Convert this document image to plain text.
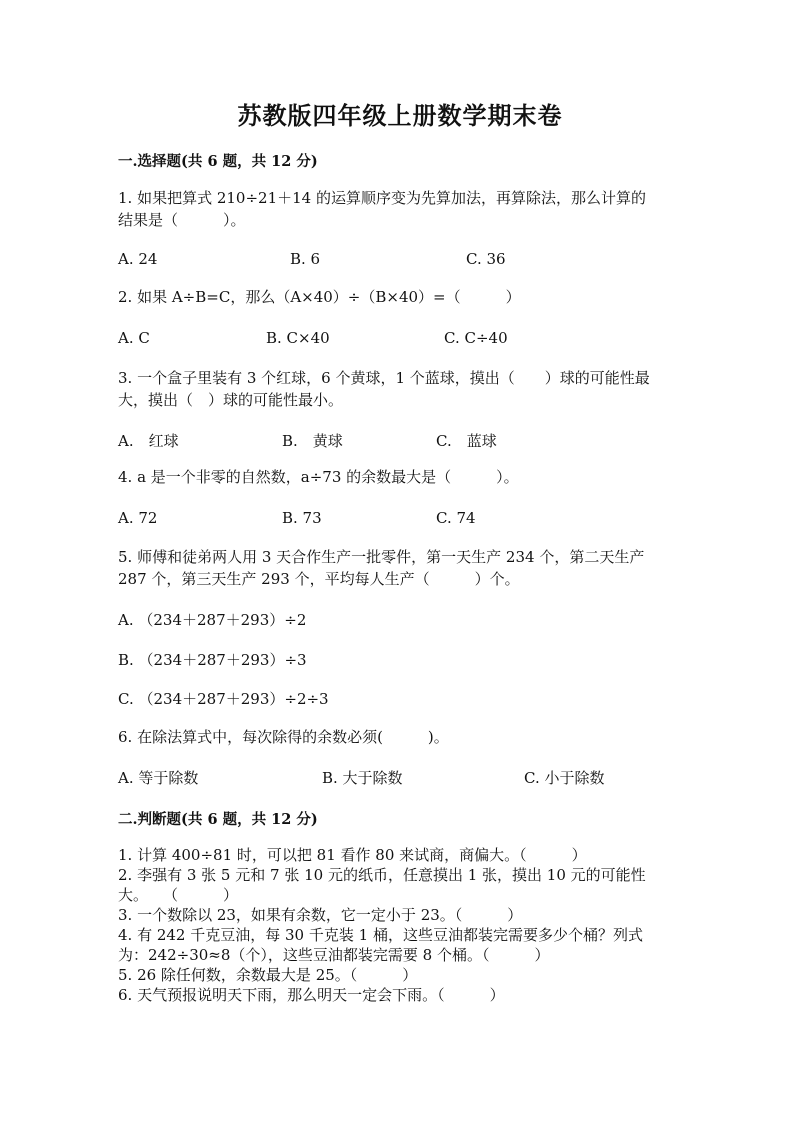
苏教版四年级上册数学期末卷
一.选择题(共 6 题，共 12 分)
1. 如果把算式 210÷21＋14 的运算顺序变为先算加法，再算除法，那么计算的
结果是（　　　）。
A. 24	B. 6	C. 36
2. 如果 A÷B=C，那么（A×40）÷（B×40）=（　　　）
A. C	B. C×40	C. C÷40
3. 一个盒子里装有 3 个红球，6 个黄球，1 个蓝球，摸出（　　）球的可能性最
大，摸出（　）球的可能性最小。
A.　红球	B.　黄球	C.　蓝球
4. a 是一个非零的自然数，a÷73 的余数最大是（　　　）。
A. 72	B. 73	C. 74
5. 师傅和徒弟两人用 3 天合作生产一批零件，第一天生产 234 个，第二天生产
287 个，第三天生产 293 个，平均每人生产（　　　）个。
A. （234＋287＋293）÷2
B. （234＋287＋293）÷3
C. （234＋287＋293）÷2÷3
6. 在除法算式中，每次除得的余数必须(　　　)。
A. 等于除数	B. 大于除数	C. 小于除数
二.判断题(共 6 题，共 12 分)
1. 计算 400÷81 时，可以把 81 看作 80 来试商，商偏大。（　　　）
2. 李强有 3 张 5 元和 7 张 10 元的纸币，任意摸出 1 张，摸出 10 元的可能性
大。　　（　　　）
3. 一个数除以 23，如果有余数，它一定小于 23。（　　　）
4. 有 242 千克豆油，每 30 千克装 1 桶，这些豆油都装完需要多少个桶？列式
为：242÷30≈8（个），这些豆油都装完需要 8 个桶。（　　　）
5. 26 除任何数，余数最大是 25。（　　　）
6. 天气预报说明天下雨，那么明天一定会下雨。（　　　）
